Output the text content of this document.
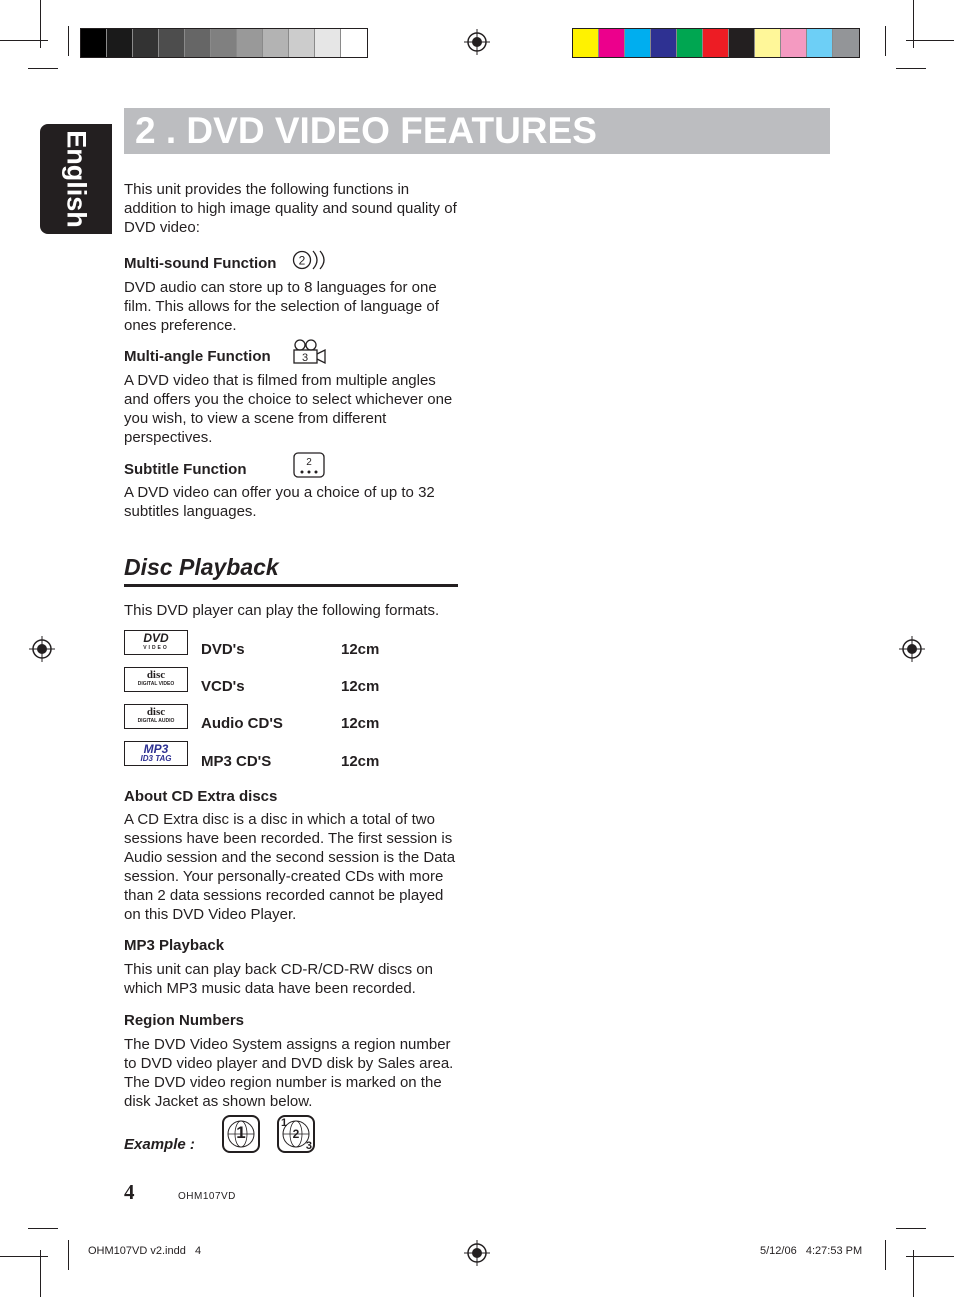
English 2 . DVD VIDEO FEATURES
This unit provides the following functions in addition to high image quality and sound quality of DVD video:
Multi-sound Function 2
DVD audio can store up to 8 languages for one film. This allows for the selection of language of ones preference.
Multi-angle Function	3
A DVD video that is filmed from multiple angles and offers you the choice to select whichever one you wish, to view a scene from different perspectives.
Subtitle Function	2
A DVD video can offer you a choice of up to 32 subtitles languages.
Disc Playback
This DVD player can play the following formats.
DVD
VIDEO DVD's	12cm
disc
DIGITAL VIDEO VCD's	12cm
disc
DIGITAL AUDIO Audio CD'S	12cm
MP3
ID3 TAG MP3 CD'S	12cm
About CD Extra discs
A CD Extra disc is a disc in which a total of two sessions have been recorded. The first session is Audio session and the second session is the Data session. Your personally-created CDs with more than 2 data sessions recorded cannot be played on this DVD Video Player.
MP3 Playback
This unit can play back CD-R/CD-RW discs on which MP3 music data have been recorded.
Region Numbers
The DVD Video System assigns a region number to DVD video player and DVD disk by Sales area. The DVD video region number is marked on the disk Jacket as shown below.
Example :
1	1
2
3
4	OHM107VD
OHM107VD v2.indd   4	5/12/06   4:27:53 PM
